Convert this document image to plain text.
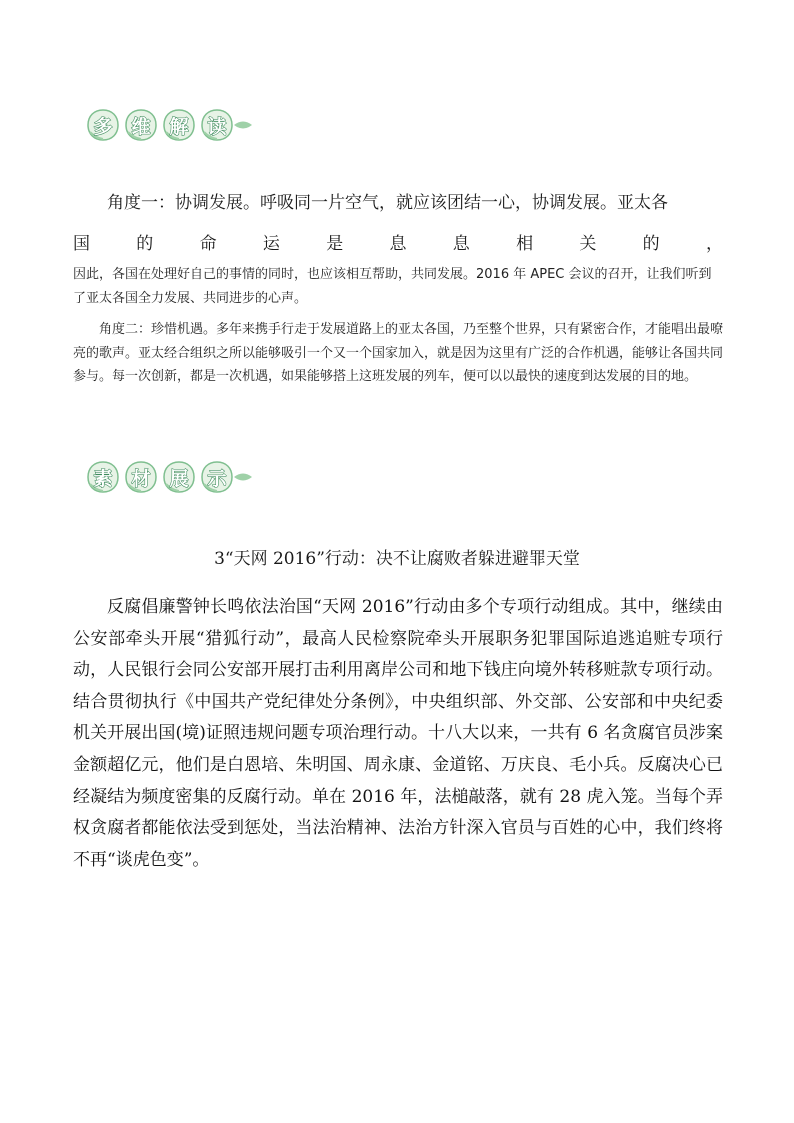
多 维 解 读
角度一：协调发展。呼吸同一片空气，就应该团结一心，协调发展。亚太各
国	的	命	运	是	息	息	相	关	的	，

因此，各国在处理好自己的事情的同时，也应该相互帮助，共同发展。2016 年 APEC 会议的召开，让我们听到了亚太各国全力发展、共同进步的心声。

角度二：珍惜机遇。多年来携手行走于发展道路上的亚太各国，乃至整个世界，只有紧密合作，才能唱出最嘹亮的歌声。亚太经合组织之所以能够吸引一个又一个国家加入，就是因为这里有广泛的合作机遇，能够让各国共同参与。每一次创新，都是一次机遇，如果能够搭上这班发展的列车，便可以以最快的速度到达发展的目的地。

素 材 展 示
3“天网 2016”行动：决不让腐败者躲进避罪天堂

反腐倡廉警钟长鸣依法治国“天网 2016”行动由多个专项行动组成。其中，继续由公安部牵头开展“猎狐行动”，最高人民检察院牵头开展职务犯罪国际追逃追赃专项行动，人民银行会同公安部开展打击利用离岸公司和地下钱庄向境外转移赃款专项行动。结合贯彻执行《中国共产党纪律处分条例》，中央组织部、外交部、公安部和中央纪委机关开展出国(境)证照违规问题专项治理行动。十八大以来，一共有 6 名贪腐官员涉案金额超亿元，他们是白恩培、朱明国、周永康、金道铭、万庆良、毛小兵。反腐决心已经凝结为频度密集的反腐行动。单在 2016 年，法槌敲落，就有 28 虎入笼。当每个弄权贪腐者都能依法受到惩处，当法治精神、法治方针深入官员与百姓的心中，我们终将不再“谈虎色变”。
